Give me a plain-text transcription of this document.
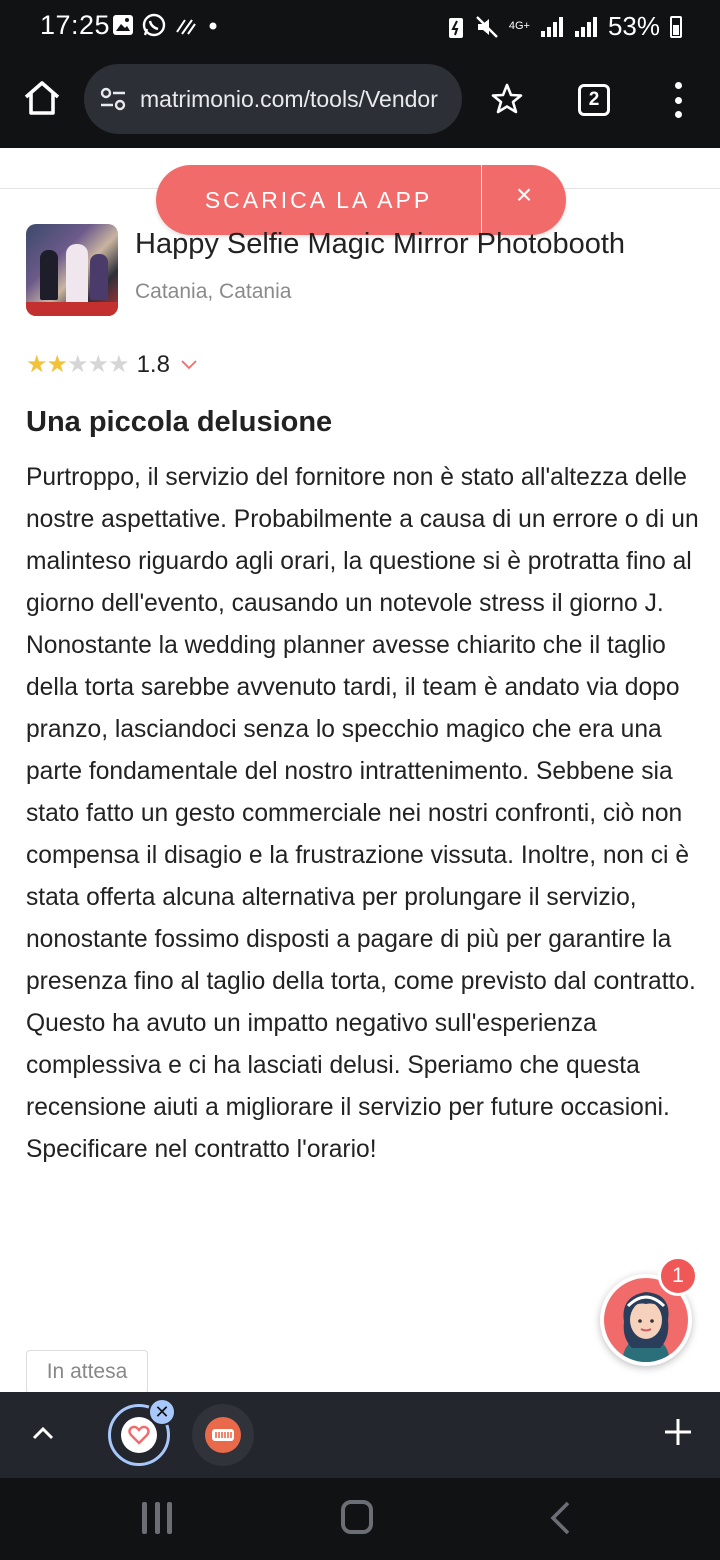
17:25	4G+	53%
matrimonio.com/tools/Vendor	2
SCARICA LA APP	×
Happy Selfie Magic Mirror Photobooth
Catania, Catania
★ ★ ★ ★ ★ 1.8
Una piccola delusione

Purtroppo, il servizio del fornitore non è stato all'altezza delle nostre aspettative. Probabilmente a causa di un errore o di un malinteso riguardo agli orari, la questione si è protratta fino al giorno dell'evento, causando un notevole stress il giorno J. Nonostante la wedding planner avesse chiarito che il taglio della torta sarebbe avvenuto tardi, il team è andato via dopo pranzo, lasciandoci senza lo specchio magico che era una parte fondamentale del nostro intrattenimento. Sebbene sia stato fatto un gesto commerciale nei nostri confronti, ciò non compensa il disagio e la frustrazione vissuta. Inoltre, non ci è stata offerta alcuna alternativa per prolungare il servizio, nonostante fossimo disposti a pagare di più per garantire la presenza fino al taglio della torta, come previsto dal contratto. Questo ha avuto un impatto negativo sull'esperienza complessiva e ci ha lasciati delusi. Speriamo che questa recensione aiuti a migliorare il servizio per future occasioni. Specificare nel contratto l'orario!

In attesa
1
✕
